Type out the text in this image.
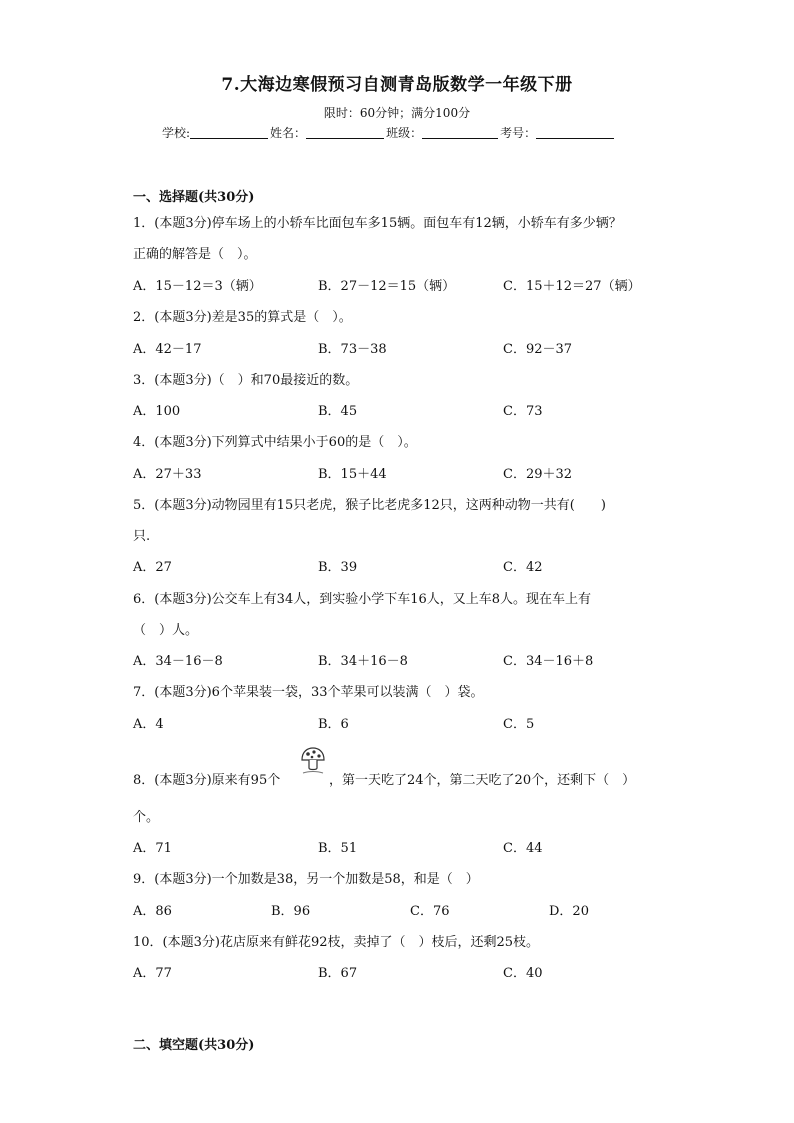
7.大海边寒假预习自测青岛版数学一年级下册
限时：60分钟；满分100分
学校:	姓名：	班级：	考号：
一、选择题(共30分)
1．(本题3分)停车场上的小轿车比面包车多15辆。面包车有12辆，小轿车有多少辆？
正确的解答是（　）。
A．15－12＝3（辆）	B．27－12＝15（辆）	C．15＋12＝27（辆）
2．(本题3分)差是35的算式是（　）。
A．42－17	B．73－38	C．92－37
3．(本题3分)（　）和70最接近的数。
A．100	B．45	C．73
4．(本题3分)下列算式中结果小于60的是（　）。
A．27＋33	B．15＋44	C．29＋32
5．(本题3分)动物园里有15只老虎，猴子比老虎多12只，这两种动物一共有(　　)
只.
A．27	B．39	C．42
6．(本题3分)公交车上有34人，到实验小学下车16人，又上车8人。现在车上有
（　）人。
A．34－16－8	B．34＋16－8	C．34－16＋8
7．(本题3分)6个苹果装一袋，33个苹果可以装满（　）袋。
A．4	B．6	C．5
8．(本题3分)原来有95个	，第一天吃了24个，第二天吃了20个，还剩下（　）
个。
A．71	B．51	C．44
9．(本题3分)一个加数是38，另一个加数是58，和是（　）
A．86	B．96	C．76	D．20
10．(本题3分)花店原来有鲜花92枝，卖掉了（　）枝后，还剩25枝。
A．77	B．67	C．40
二、填空题(共30分)
